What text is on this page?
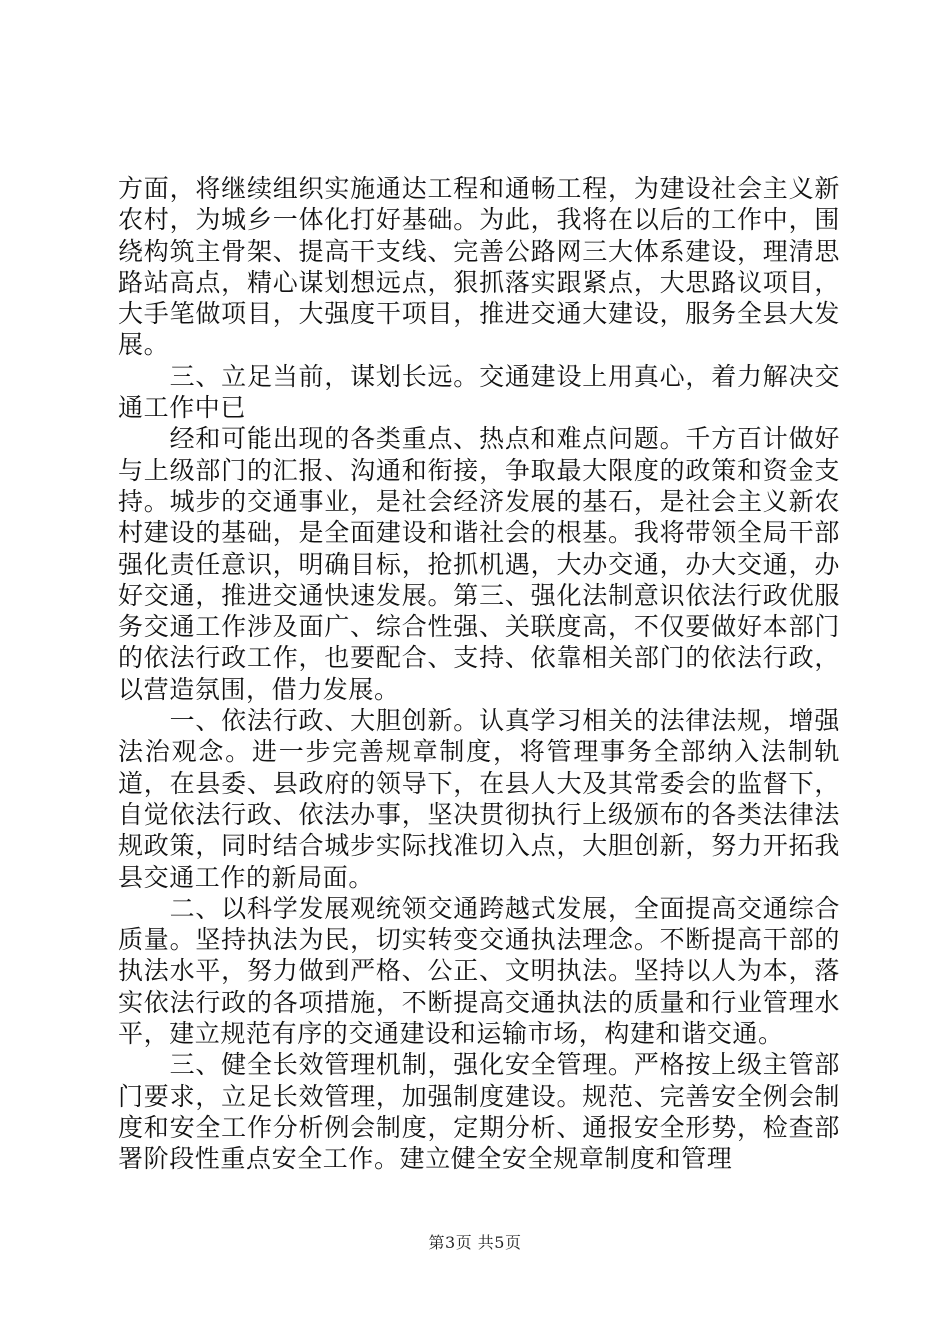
方面，将继续组织实施通达工程和通畅工程，为建设社会主义新农村，为城乡一体化打好基础。为此，我将在以后的工作中，围绕构筑主骨架、提高干支线、完善公路网三大体系建设，理清思路站高点，精心谋划想远点，狠抓落实跟紧点，大思路议项目，大手笔做项目，大强度干项目，推进交通大建设，服务全县大发展。

　　三、立足当前，谋划长远。交通建设上用真心，着力解决交通工作中已

　　经和可能出现的各类重点、热点和难点问题。千方百计做好与上级部门的汇报、沟通和衔接，争取最大限度的政策和资金支持。城步的交通事业，是社会经济发展的基石，是社会主义新农村建设的基础，是全面建设和谐社会的根基。我将带领全局干部强化责任意识，明确目标，抢抓机遇，大办交通，办大交通，办好交通，推进交通快速发展。第三、强化法制意识依法行政优服务交通工作涉及面广、综合性强、关联度高，不仅要做好本部门的依法行政工作，也要配合、支持、依靠相关部门的依法行政，以营造氛围，借力发展。

　　一、依法行政、大胆创新。认真学习相关的法律法规，增强法治观念。进一步完善规章制度，将管理事务全部纳入法制轨道，在县委、县政府的领导下，在县人大及其常委会的监督下，自觉依法行政、依法办事，坚决贯彻执行上级颁布的各类法律法规政策，同时结合城步实际找准切入点，大胆创新，努力开拓我县交通工作的新局面。

　　二、以科学发展观统领交通跨越式发展，全面提高交通综合质量。坚持执法为民，切实转变交通执法理念。不断提高干部的执法水平，努力做到严格、公正、文明执法。坚持以人为本，落实依法行政的各项措施，不断提高交通执法的质量和行业管理水平，建立规范有序的交通建设和运输市场，构建和谐交通。

　　三、健全长效管理机制，强化安全管理。严格按上级主管部门要求，立足长效管理，加强制度建设。规范、完善安全例会制度和安全工作分析例会制度，定期分析、通报安全形势，检查部署阶段性重点安全工作。建立健全安全规章制度和管理

第3页 共5页
